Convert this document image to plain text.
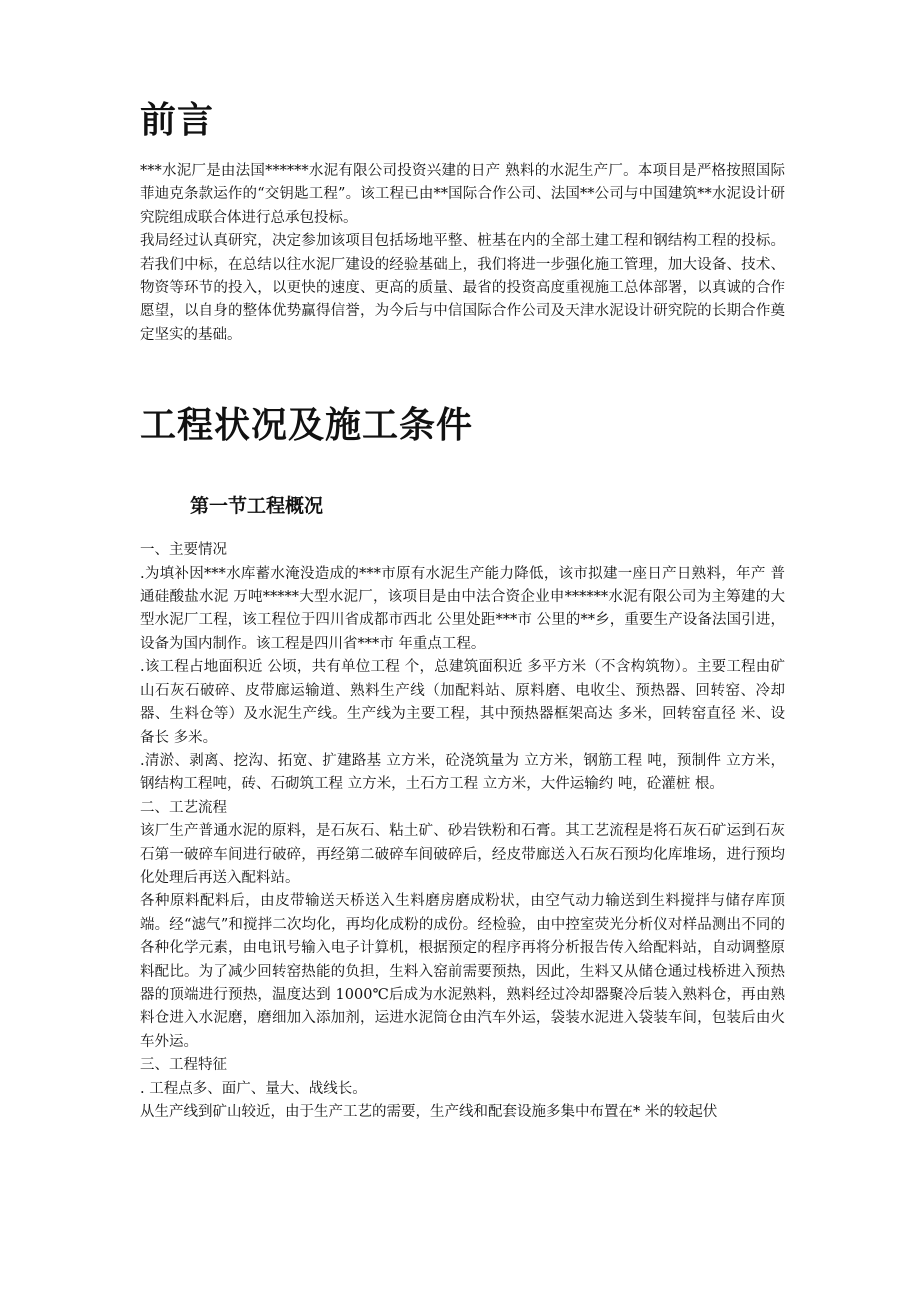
前言

***水泥厂是由法国******水泥有限公司投资兴建的日产 熟料的水泥生产厂。本项目是严格按照国际菲迪克条款运作的“交钥匙工程”。该工程已由**国际合作公司、法国**公司与中国建筑**水泥设计研究院组成联合体进行总承包投标。

我局经过认真研究，决定参加该项目包括场地平整、桩基在内的全部土建工程和钢结构工程的投标。若我们中标，在总结以往水泥厂建设的经验基础上，我们将进一步强化施工管理，加大设备、技术、物资等环节的投入，以更快的速度、更高的质量、最省的投资高度重视施工总体部署，以真诚的合作愿望，以自身的整体优势赢得信誉，为今后与中信国际合作公司及天津水泥设计研究院的长期合作奠定坚实的基础。

工程状况及施工条件
第一节工程概况

一、主要情况

.为填补因***水库蓄水淹没造成的***市原有水泥生产能力降低，该市拟建一座日产日熟料，年产 普通硅酸盐水泥 万吨*****大型水泥厂，该项目是由中法合资企业申******水泥有限公司为主筹建的大型水泥厂工程，该工程位于四川省成都市西北 公里处距***市 公里的**乡，重要生产设备法国引进，设备为国内制作。该工程是四川省***市 年重点工程。

.该工程占地面积近 公顷，共有单位工程 个，总建筑面积近 多平方米（不含构筑物）。主要工程由矿山石灰石破碎、皮带廊运输道、熟料生产线（加配料站、原料磨、电收尘、预热器、回转窑、冷却器、生料仓等）及水泥生产线。生产线为主要工程，其中预热器框架高达 多米，回转窑直径 米、设备长 多米。

.清淤、剥离、挖沟、拓宽、扩建路基 立方米，砼浇筑量为 立方米，钢筋工程 吨，预制件 立方米，钢结构工程吨，砖、石砌筑工程 立方米，土石方工程 立方米，大件运输约 吨，砼灌桩 根。

二、工艺流程

该厂生产普通水泥的原料，是石灰石、粘土矿、砂岩铁粉和石膏。其工艺流程是将石灰石矿运到石灰石第一破碎车间进行破碎，再经第二破碎车间破碎后，经皮带廊送入石灰石预均化库堆场，进行预均化处理后再送入配料站。

各种原料配料后，由皮带输送天桥送入生料磨房磨成粉状，由空气动力输送到生料搅拌与储存库顶端。经“滤气”和搅拌二次均化，再均化成粉的成份。经检验，由中控室荧光分析仪对样品测出不同的各种化学元素，由电讯号输入电子计算机，根据预定的程序再将分析报告传入给配料站，自动调整原料配比。为了减少回转窑热能的负担，生料入窑前需要预热，因此，生料又从储仓通过栈桥进入预热器的顶端进行预热，温度达到 1000℃后成为水泥熟料，熟料经过冷却器聚冷后装入熟料仓，再由熟料仓进入水泥磨，磨细加入添加剂，运进水泥筒仓由汽车外运，袋装水泥进入袋装车间，包装后由火车外运。

三、工程特征

. 工程点多、面广、量大、战线长。

从生产线到矿山较近，由于生产工艺的需要，生产线和配套设施多集中布置在* 米的较起伏
